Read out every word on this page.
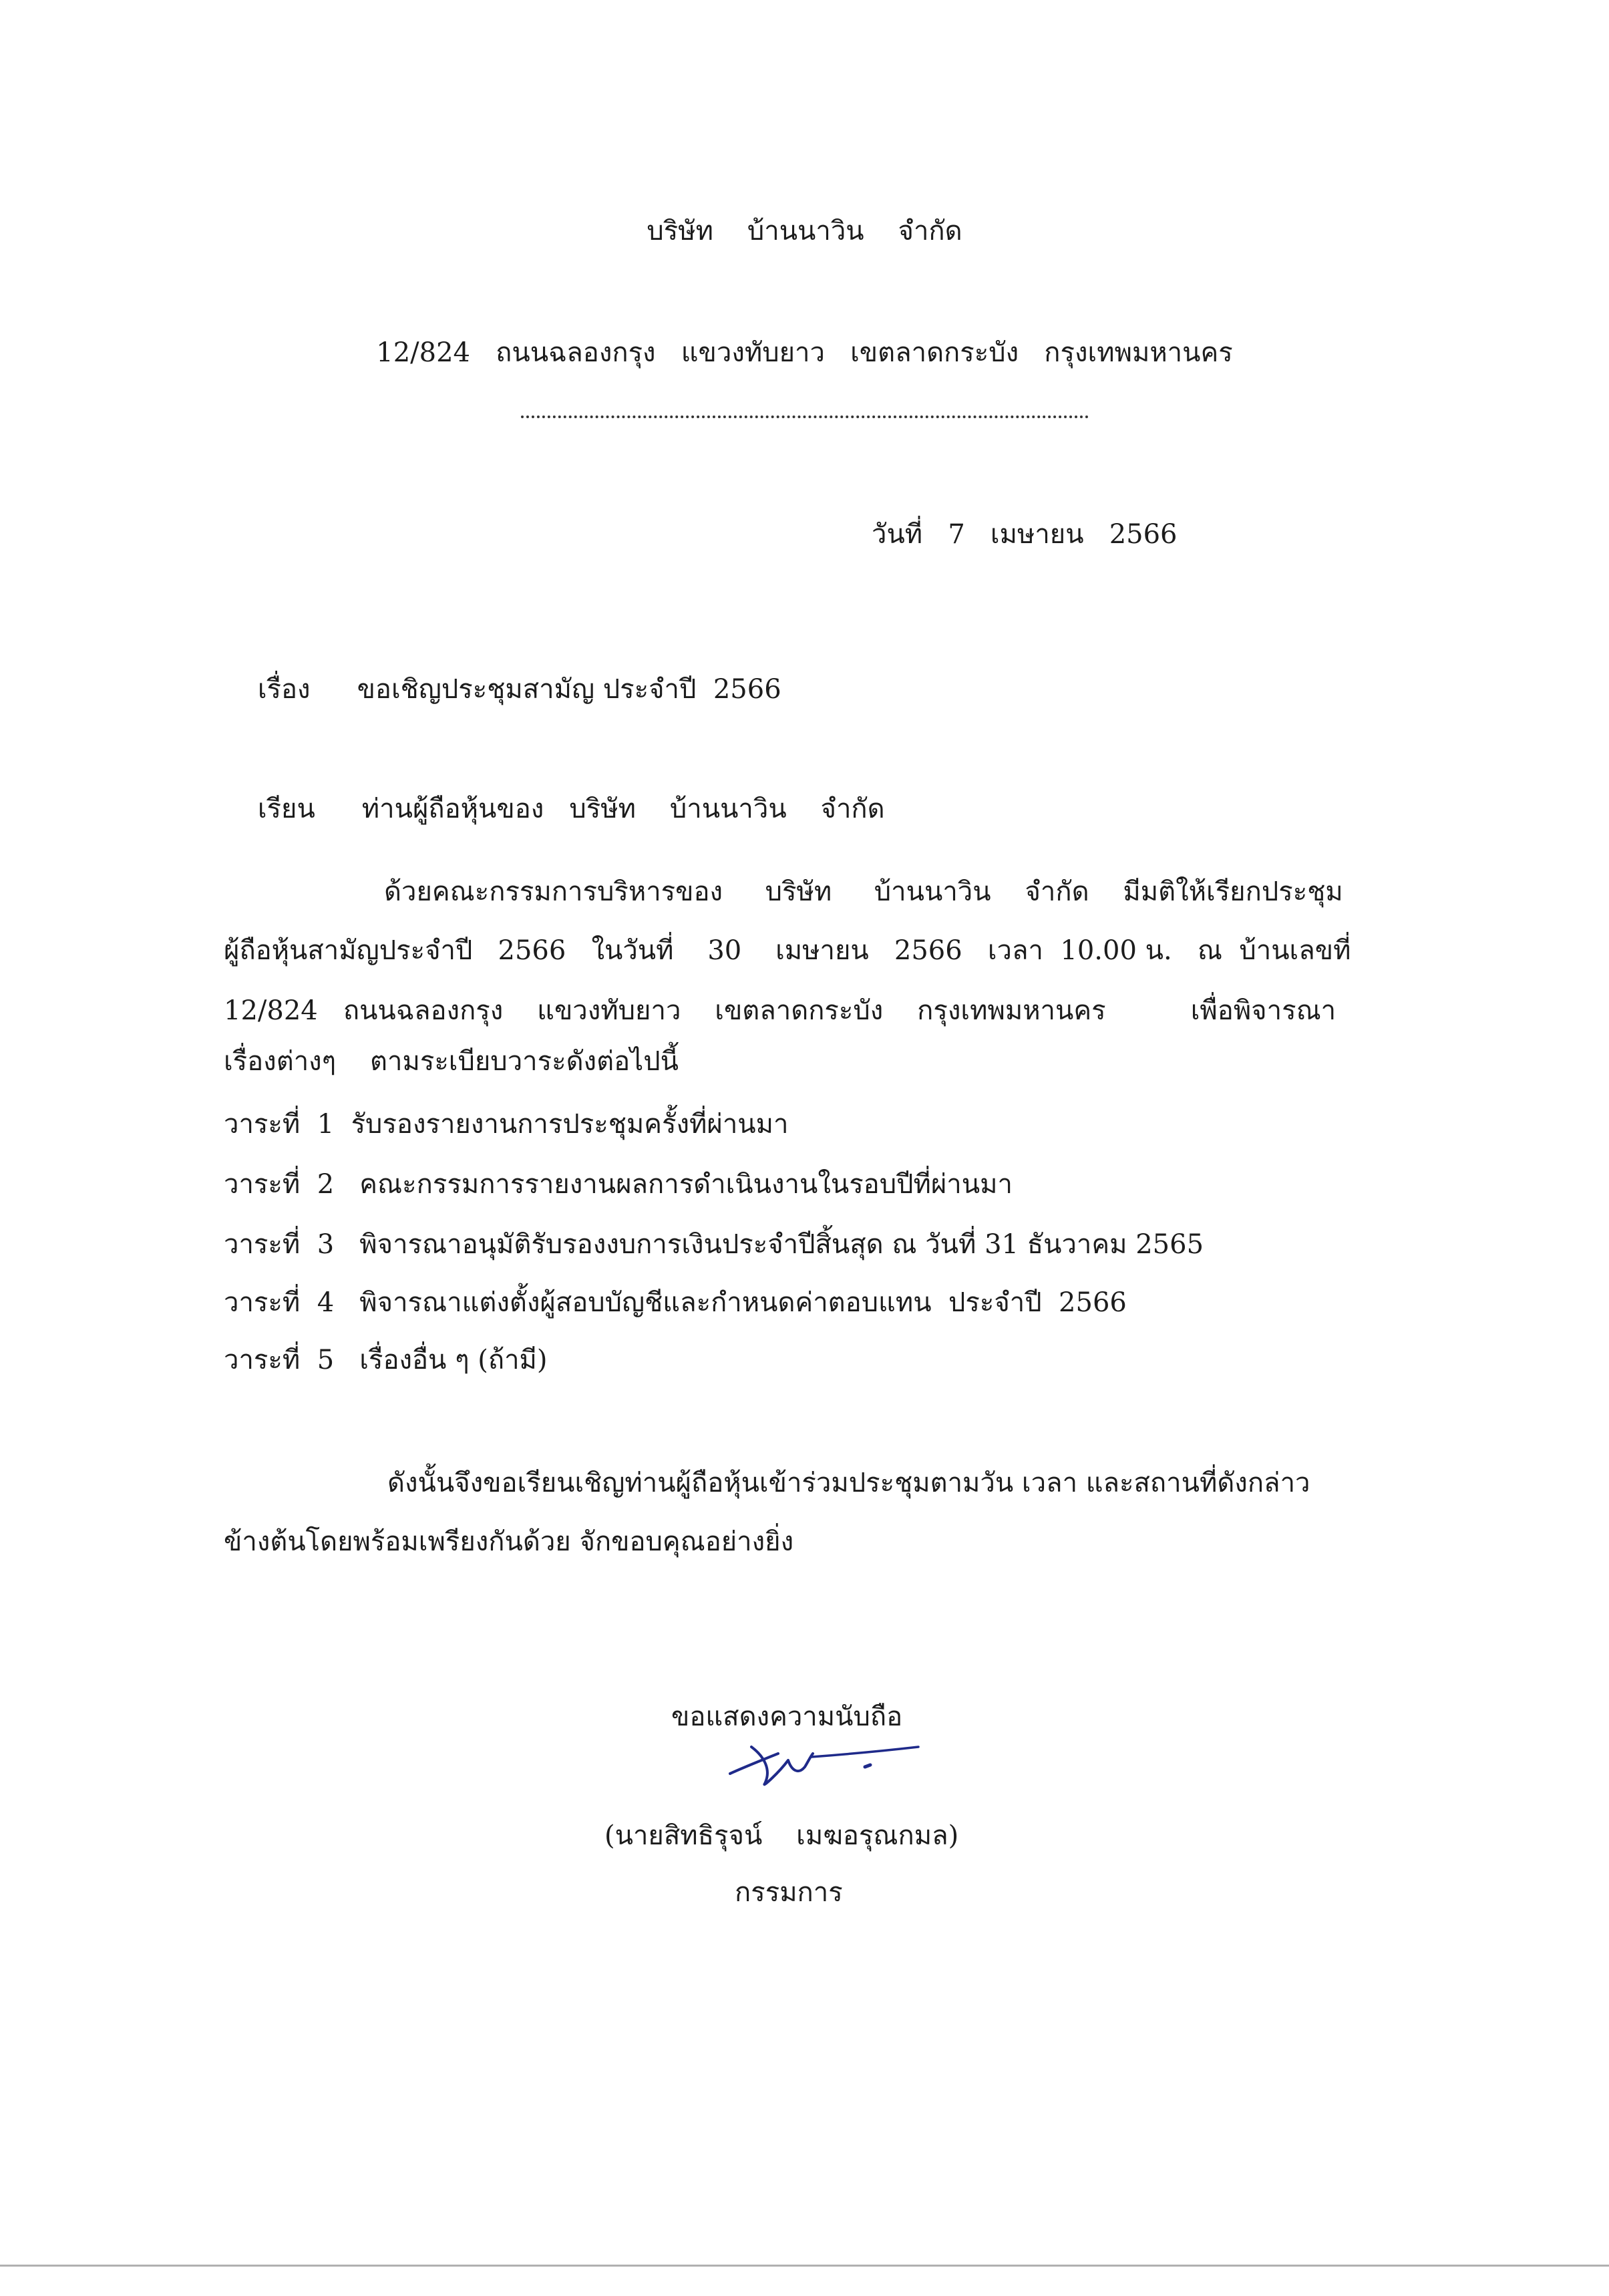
บริษัท    บ้านนาวิน    จำกัด
12/824   ถนนฉลองกรุง   แขวงทับยาว   เขตลาดกระบัง   กรุงเทพมหานคร
วันที่   7   เมษายน   2566

เรื่อง ขอเชิญประชุมสามัญ ประจำปี  2566

เรียน ท่านผู้ถือหุ้นของ   บริษัท    บ้านนาวิน    จำกัด

ด้วยคณะกรรมการบริหารของ     บริษัท     บ้านนาวิน    จำกัด    มีมติให้เรียกประชุม
ผู้ถือหุ้นสามัญประจำปี   2566   ในวันที่    30    เมษายน   2566   เวลา  10.00 น.   ณ  บ้านเลขที่
12/824   ถนนฉลองกรุง    แขวงทับยาว    เขตลาดกระบัง    กรุงเทพมหานคร          เพื่อพิจารณา
เรื่องต่างๆ    ตามระเบียบวาระดังต่อไปนี้
วาระที่  1  รับรองรายงานการประชุมครั้งที่ผ่านมา
วาระที่  2   คณะกรรมการรายงานผลการดำเนินงานในรอบปีที่ผ่านมา
วาระที่  3   พิจารณาอนุมัติรับรองงบการเงินประจำปีสิ้นสุด ณ วันที่ 31 ธันวาคม 2565
วาระที่  4   พิจารณาแต่งตั้งผู้สอบบัญชีและกำหนดค่าตอบแทน  ประจำปี  2566
วาระที่  5   เรื่องอื่น ๆ (ถ้ามี)
ดังนั้นจึงขอเรียนเชิญท่านผู้ถือหุ้นเข้าร่วมประชุมตามวัน เวลา และสถานที่ดังกล่าว
ข้างต้นโดยพร้อมเพรียงกันด้วย จักขอบคุณอย่างยิ่ง
ขอแสดงความนับถือ
(นายสิทธิรุจน์    เมฆอรุณกมล)
กรรมการ
